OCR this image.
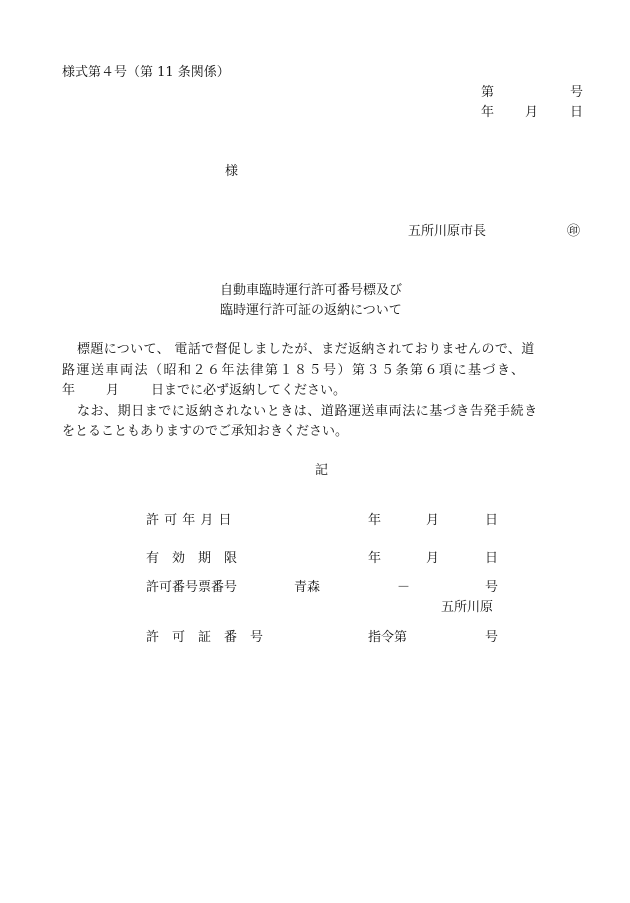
様式第４号（第 11 条関係）
第	号
年 月 日
様
五所川原市長	㊞
自動車臨時運行許可番号標及び
臨時運行許可証の返納について
標題について、 電話で督促しましたが、まだ返納されておりませんので、道
路運送車両法（昭和２６年法律第１８５号）第３５条第６項に基づき、
年 月 日までに必ず返納してください。
なお、期日までに返納されないときは、道路運送車両法に基づき告発手続き
をとることもありますのでご承知おきください。
記
許 可 年 月 日	年	月	日
有　効　期　限	年	月	日
許可番号票番号	青森	－	号
五所川原
許　可　証　番　号	指令第	号
